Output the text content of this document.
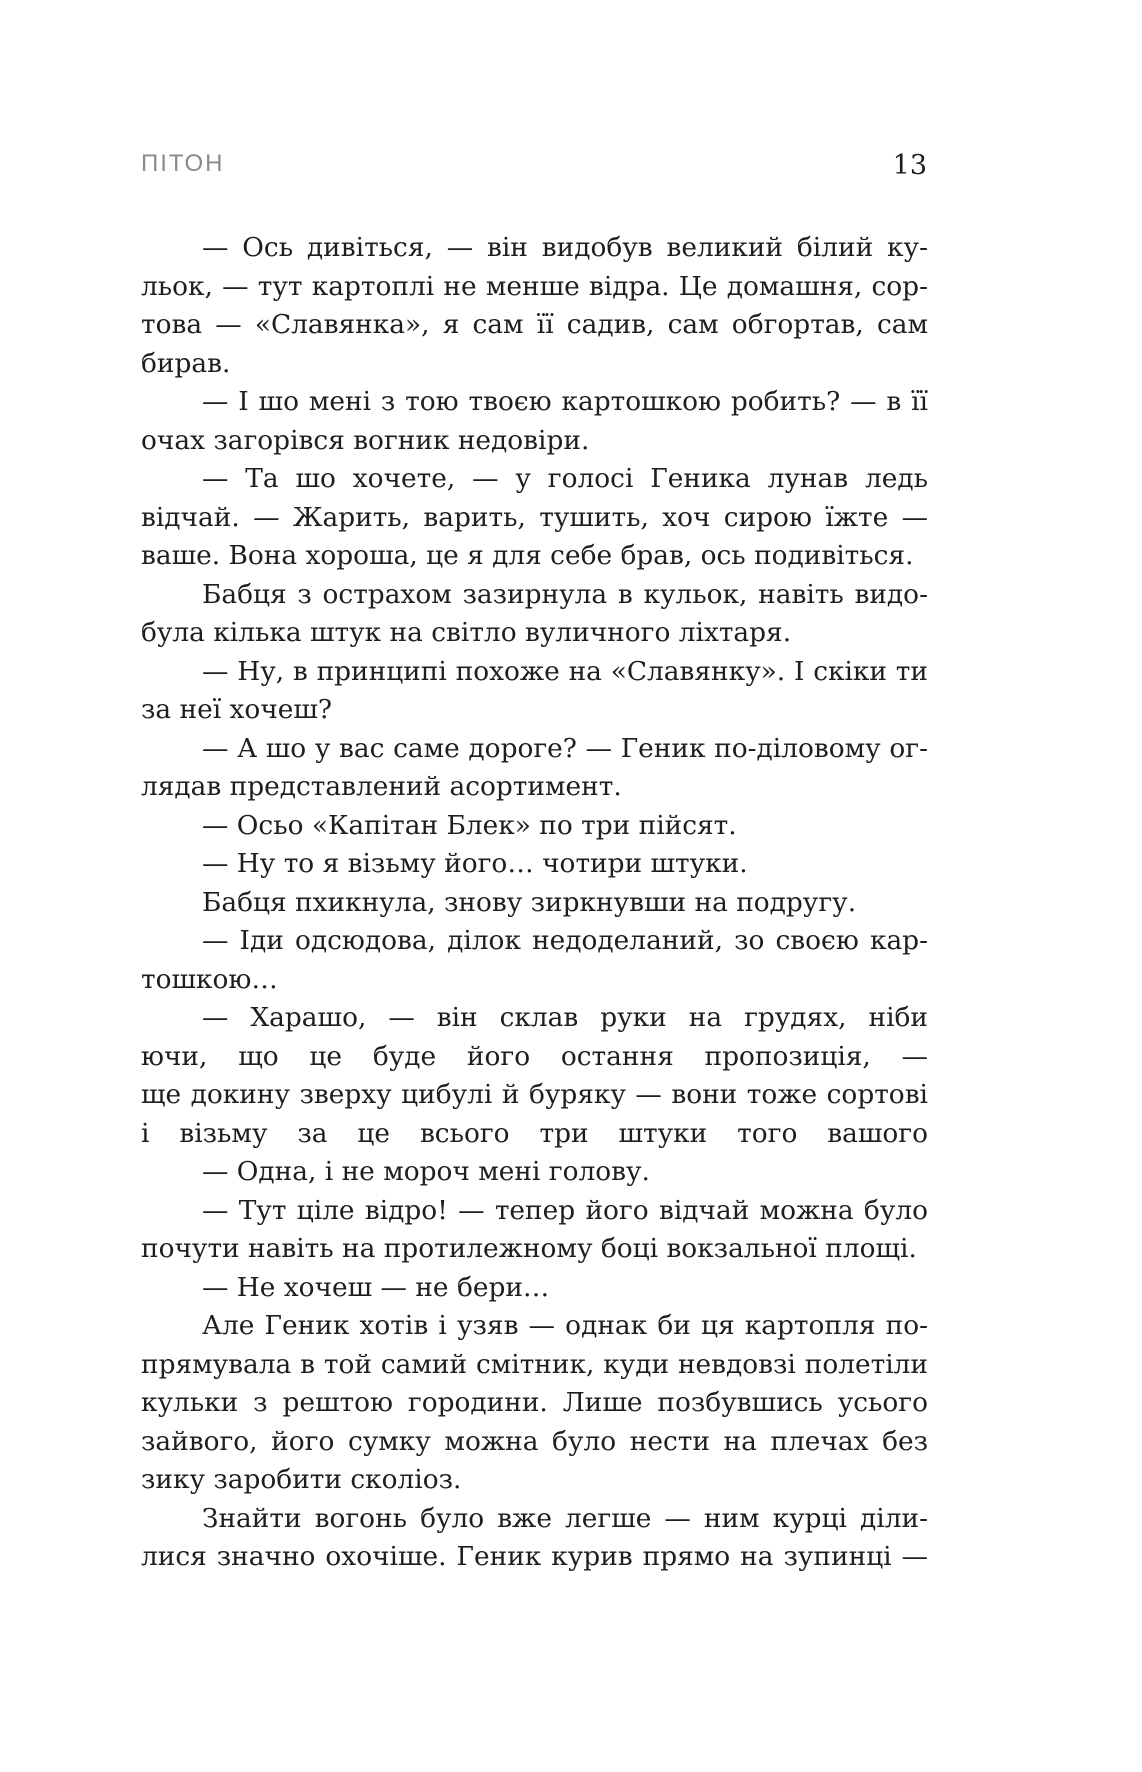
ПІТОН	13
— Ось дивіться, — він видобув великий білий ку-
льок, — тут картоплі не менше відра. Це домашня, сор-
това — «Славянка», я сам її садив, сам обгортав, сам
бирав.
— І шо мені з тою твоєю картошкою робить? — в її
очах загорівся вогник недовіри.
— Та шо хочете, — у голосі Геника лунав ледь
відчай. — Жарить, варить, тушить, хоч сирою їжте —
ваше. Вона хороша, це я для себе брав, ось подивіться.
Бабця з острахом зазирнула в кульок, навіть видо-
була кілька штук на світло вуличного ліхтаря.
— Ну, в принципі похоже на «Славянку». І скіки ти
за неї хочеш?
— А шо у вас саме дороге? — Геник по-діловому ог-
лядав представлений асортимент.
— Осьо «Капітан Блек» по три пійсят.
— Ну то я візьму його… чотири штуки.
Бабця пхикнула, знову зиркнувши на подругу.
— Іди одсюдова, ділок недоделаний, зо своєю кар-
тошкою…
— Харашо, — він склав руки на грудях, ніби
ючи, що це буде його остання пропозиція, —
ще докину зверху цибулі й буряку — вони тоже сортові
і візьму за це всього три штуки того вашого
— Одна, і не мороч мені голову.
— Тут ціле відро! — тепер його відчай можна було
почути навіть на протилежному боці вокзальної площі.
— Не хочеш — не бери…
Але Геник хотів і узяв — однак би ця картопля по-
прямувала в той самий смітник, куди невдовзі полетіли
кульки з рештою городини. Лише позбувшись усього
зайвого, його сумку можна було нести на плечах без
зику заробити сколіоз.
Знайти вогонь було вже легше — ним курці діли-
лися значно охочіше. Геник курив прямо на зупинці —
